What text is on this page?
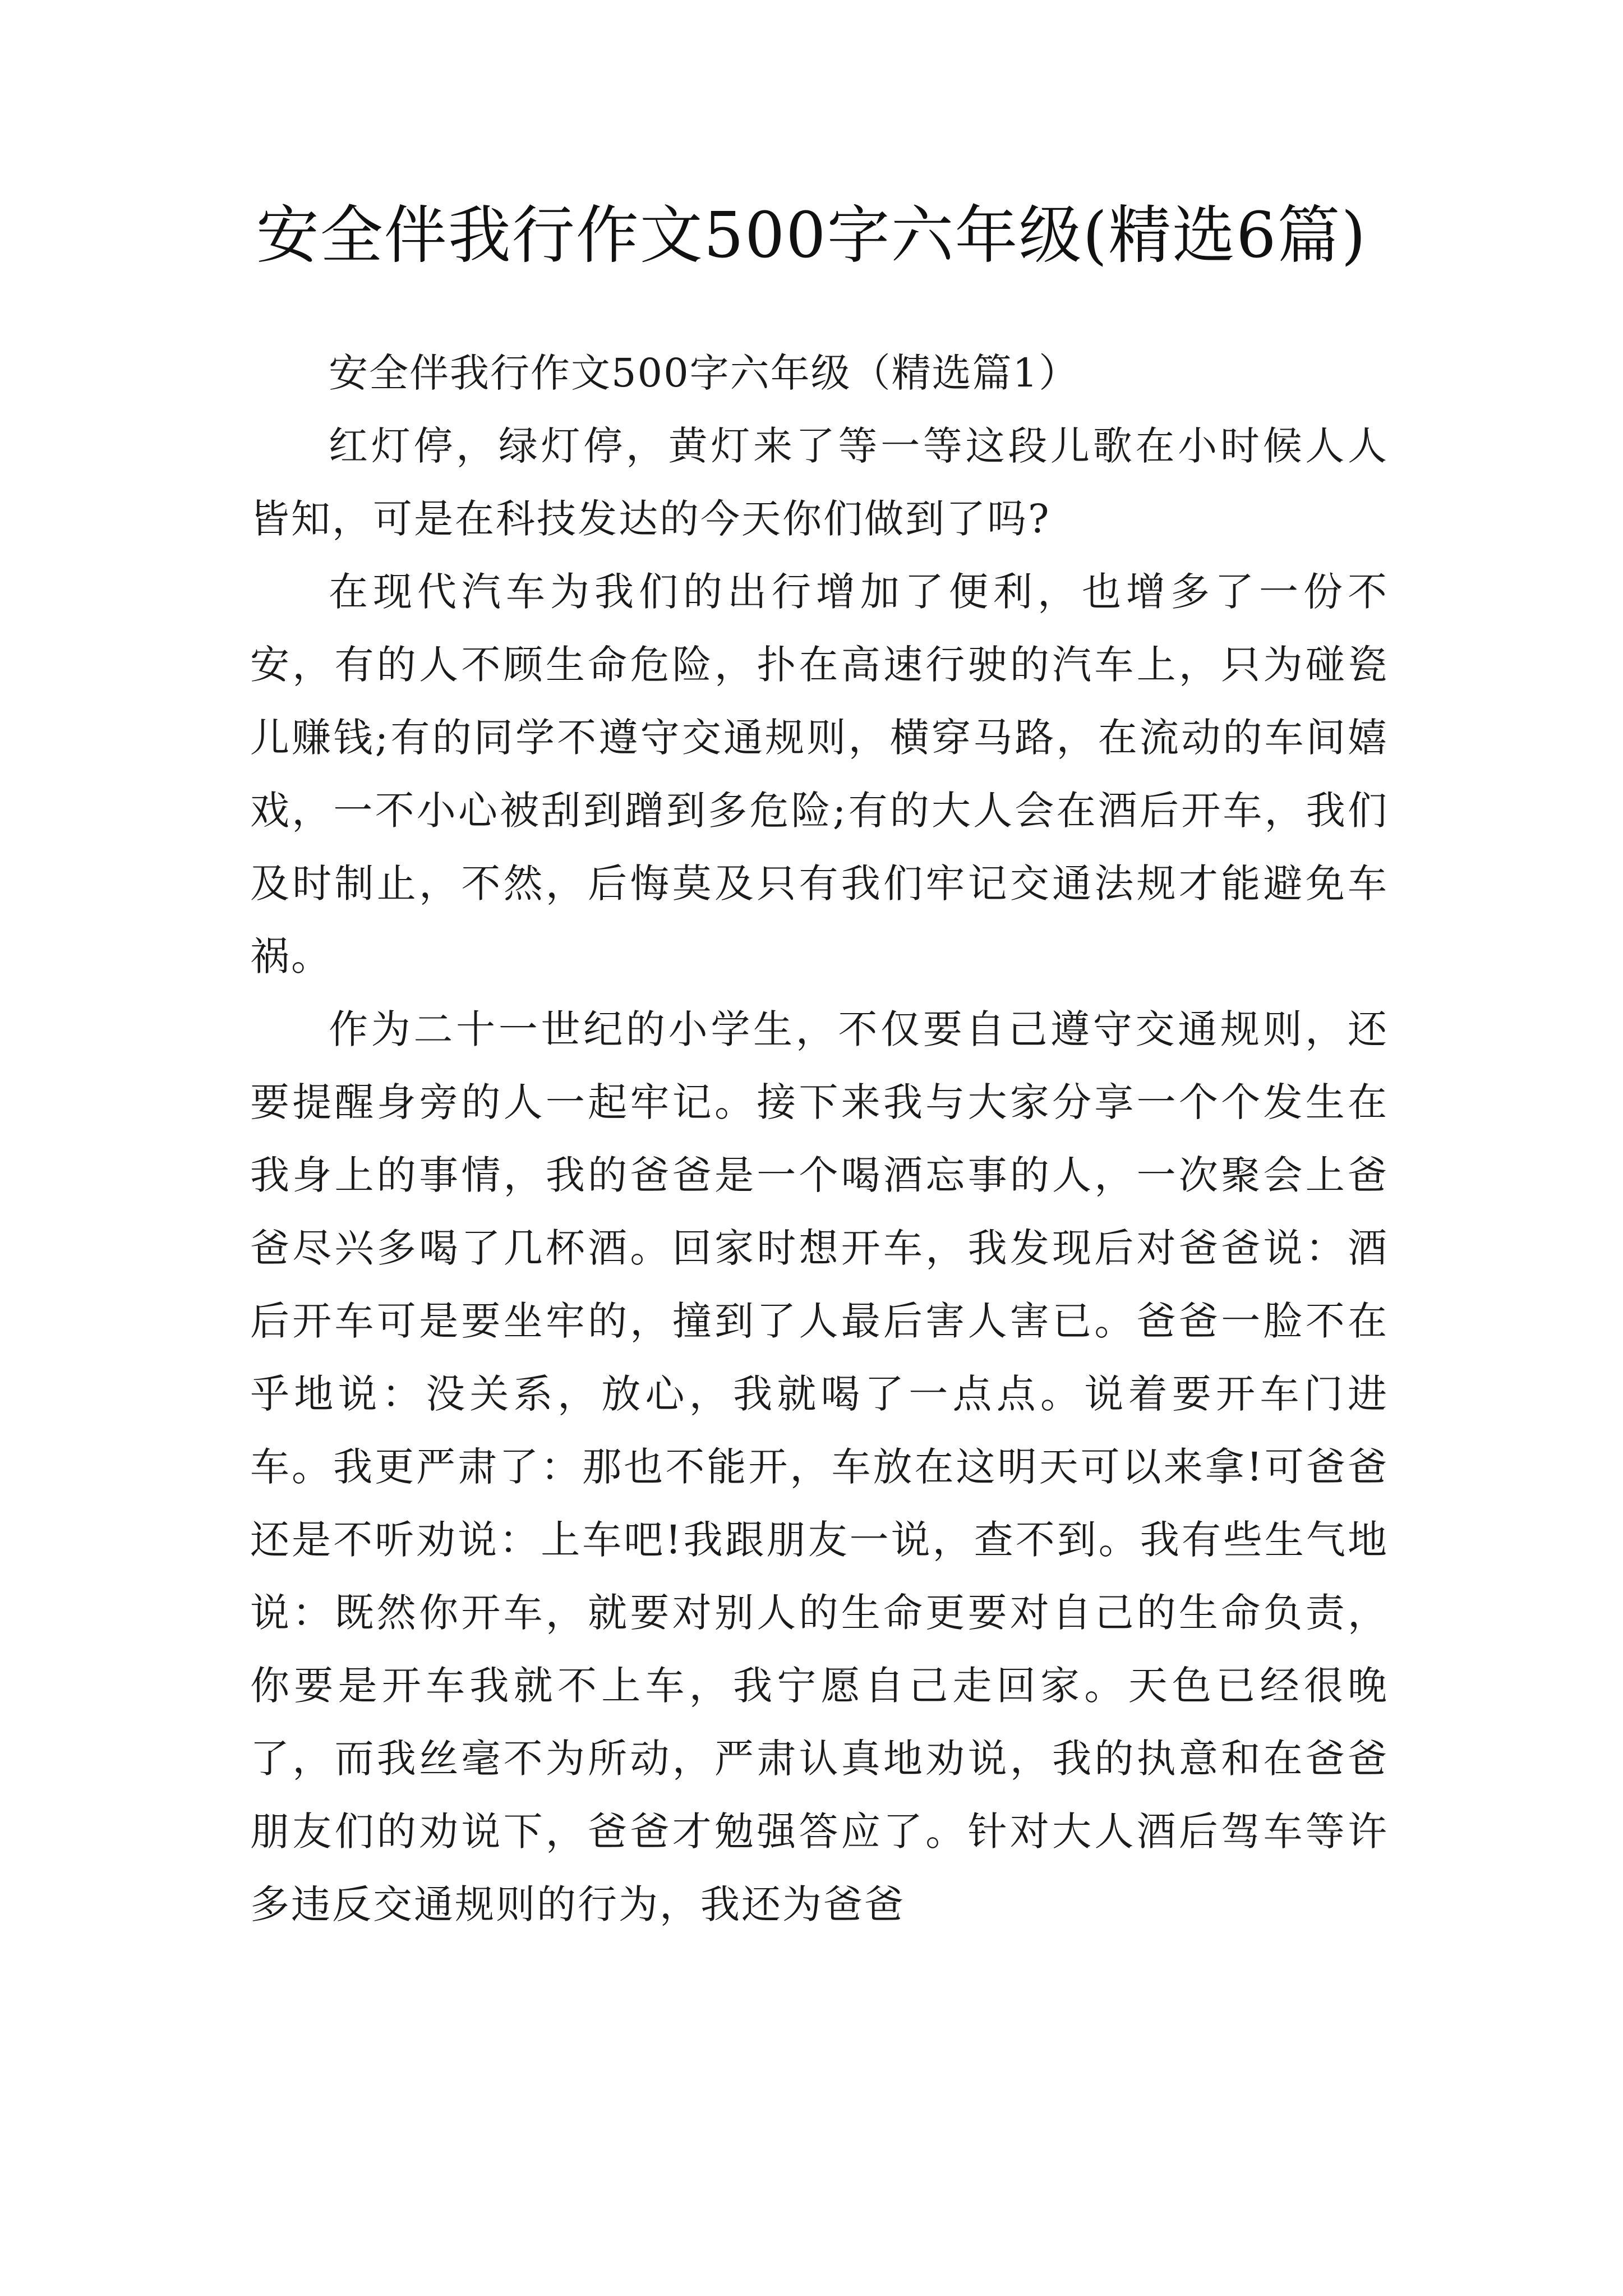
安全伴我行作文500字六年级(精选6篇)

安全伴我行作文500字六年级（精选篇1）

红灯停，绿灯停，黄灯来了等一等这段儿歌在小时候人人皆知，可是在科技发达的今天你们做到了吗?

在现代汽车为我们的出行增加了便利，也增多了一份不安，有的人不顾生命危险，扑在高速行驶的汽车上，只为碰瓷儿赚钱;有的同学不遵守交通规则，横穿马路，在流动的车间嬉戏，一不小心被刮到蹭到多危险;有的大人会在酒后开车，我们及时制止，不然，后悔莫及只有我们牢记交通法规才能避免车祸。

作为二十一世纪的小学生，不仅要自己遵守交通规则，还要提醒身旁的人一起牢记。接下来我与大家分享一个个发生在我身上的事情，我的爸爸是一个喝酒忘事的人，一次聚会上爸爸尽兴多喝了几杯酒。回家时想开车，我发现后对爸爸说：酒后开车可是要坐牢的，撞到了人最后害人害已。爸爸一脸不在乎地说：没关系，放心，我就喝了一点点。说着要开车门进车。我更严肃了：那也不能开，车放在这明天可以来拿!可爸爸还是不听劝说：上车吧!我跟朋友一说，查不到。我有些生气地说：既然你开车，就要对别人的生命更要对自己的生命负责，你要是开车我就不上车，我宁愿自己走回家。天色已经很晚了，而我丝毫不为所动，严肃认真地劝说，我的执意和在爸爸朋友们的劝说下，爸爸才勉强答应了。针对大人酒后驾车等许多违反交通规则的行为，我还为爸爸
